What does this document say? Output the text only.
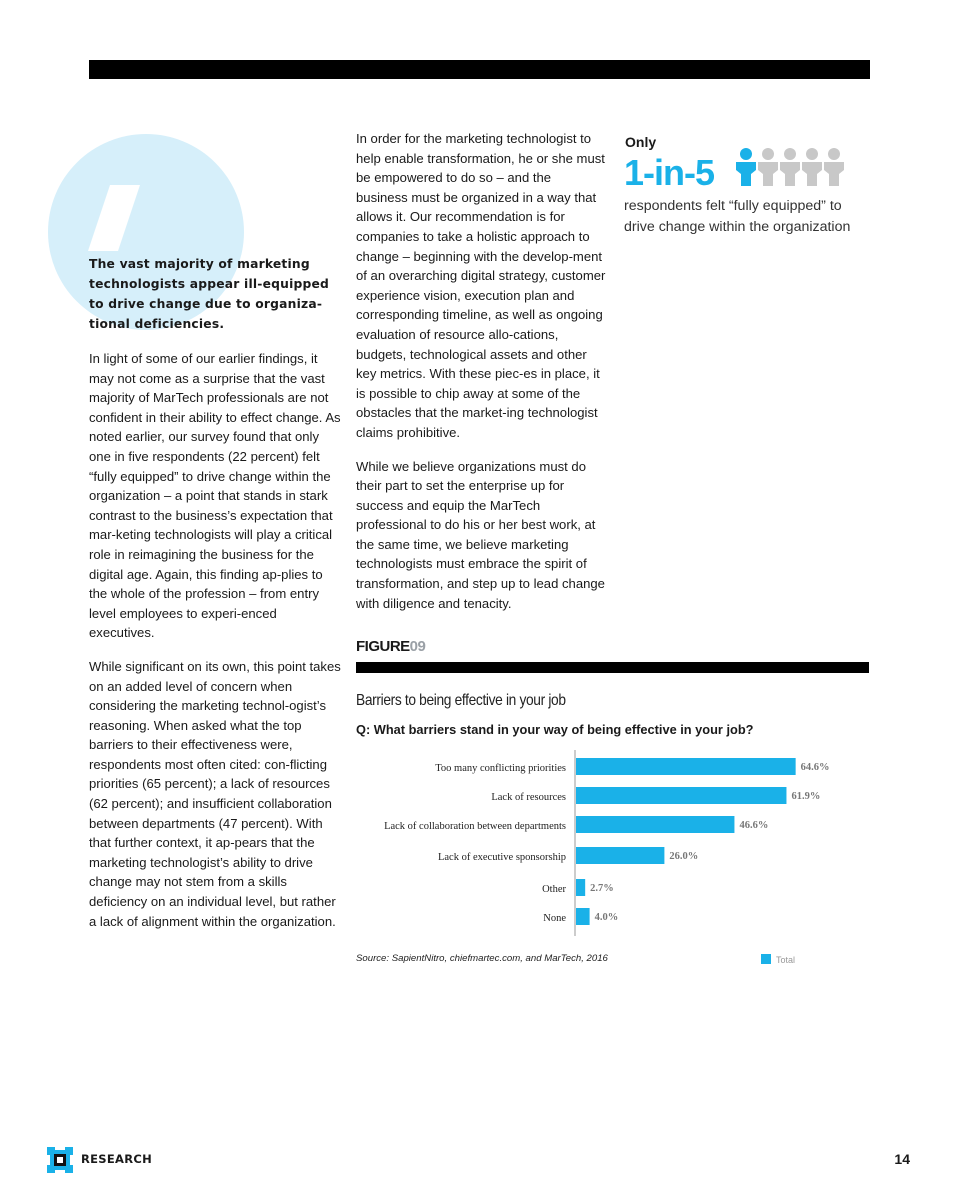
The vast majority of marketing technologists appear ill-equipped to drive change due to organiza-tional deficiencies.

In light of some of our earlier findings, it may not come as a surprise that the vast majority of MarTech professionals are not confident in their ability to effect change. As noted earlier, our survey found that only one in five respondents (22 percent) felt “fully equipped” to drive change within the organization – a point that stands in stark contrast to the business’s expectation that mar-keting technologists will play a critical role in reimagining the business for the digital age. Again, this finding ap-plies to the whole of the profession – from entry level employees to experi-enced executives.

While significant on its own, this point takes on an added level of concern when considering the marketing technol-ogist’s reasoning. When asked what the top barriers to their effectiveness were, respondents most often cited: con-flicting priorities (65 percent); a lack of resources (62 percent); and insufficient collaboration between departments (47 percent). With that further context, it ap-pears that the marketing technologist’s ability to drive change may not stem from a skills deficiency on an individual level, but rather a lack of alignment within the organization.

In order for the marketing technologist to help enable transformation, he or she must be empowered to do so – and the business must be organized in a way that allows it. Our recommendation is for companies to take a holistic approach to change – beginning with the develop-ment of an overarching digital strategy, customer experience vision, execution plan and corresponding timeline, as well as ongoing evaluation of resource allo-cations, budgets, technological assets and other key metrics. With these piec-es in place, it is possible to chip away at some of the obstacles that the market-ing technologist claims prohibitive.

While we believe organizations must do their part to set the enterprise up for success and equip the MarTech professional to do his or her best work, at the same time, we believe marketing technologists must embrace the spirit of transformation, and step up to lead change with diligence and tenacity.

Only
1-in-5
respondents felt “fully equipped” to drive change within the organization
FIGURE09
Barriers to being effective in your job
Q: What barriers stand in your way of being effective in your job?
Too many conflicting priorities	64.6%
Lack of resources	61.9%
Lack of collaboration between departments	46.6%
Lack of executive sponsorship	26.0%
Other 2.7%
None	4.0%
Source: SapientNitro, chiefmartec.com, and MarTech, 2016	Total
RESEARCH	14
